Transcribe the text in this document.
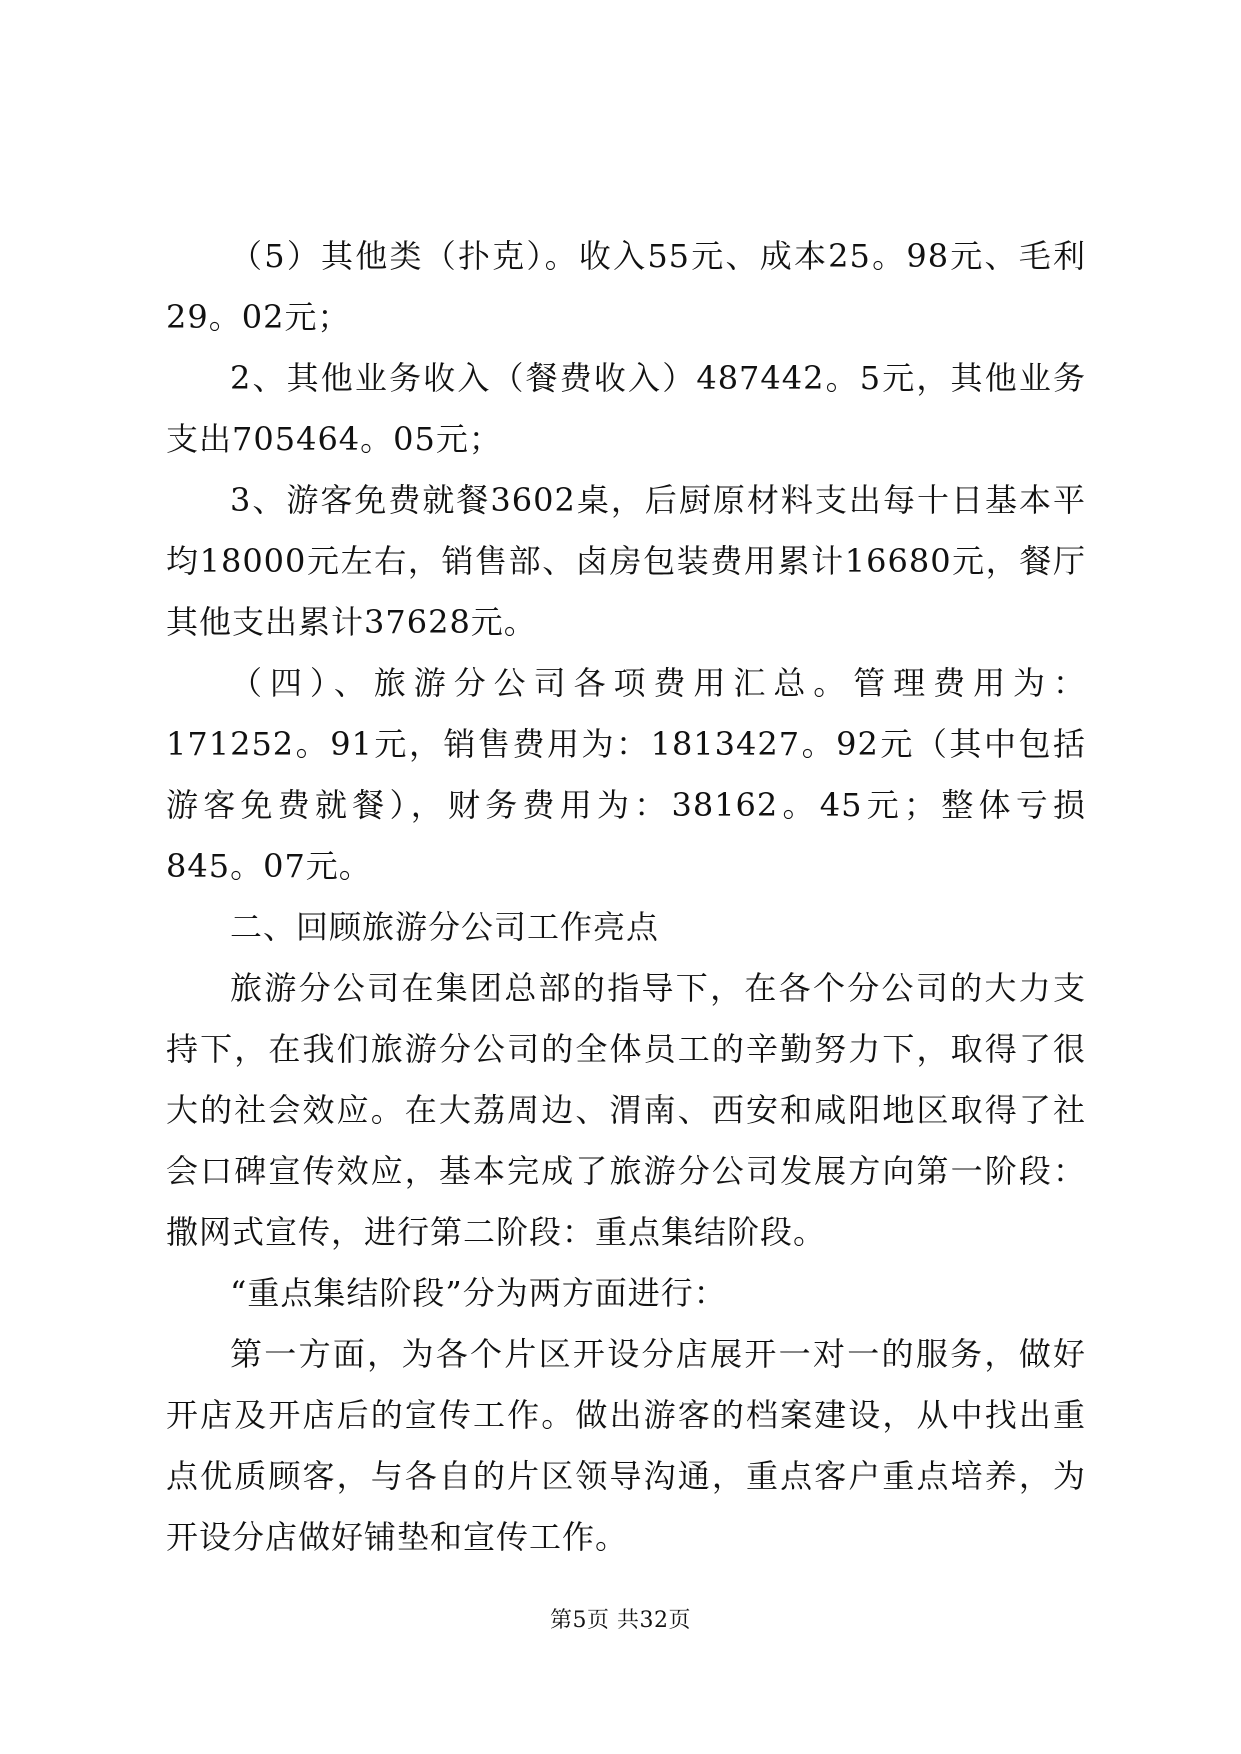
（5）其他类（扑克）。收入55元、成本25。98元、毛利29。02元；

2、其他业务收入（餐费收入）487442。5元，其他业务支出705464。05元；

3、游客免费就餐3602桌，后厨原材料支出每十日基本平均18000元左右，销售部、卤房包装费用累计16680元，餐厅其他支出累计37628元。

（四）、旅游分公司各项费用汇总。管理费用为：171252。91元，销售费用为：1813427。92元（其中包括游客免费就餐），财务费用为：38162。45元；整体亏损845。07元。

二、回顾旅游分公司工作亮点

旅游分公司在集团总部的指导下，在各个分公司的大力支持下，在我们旅游分公司的全体员工的辛勤努力下，取得了很大的社会效应。在大荔周边、渭南、西安和咸阳地区取得了社会口碑宣传效应，基本完成了旅游分公司发展方向第一阶段：撒网式宣传，进行第二阶段：重点集结阶段。

“重点集结阶段”分为两方面进行：

第一方面，为各个片区开设分店展开一对一的服务，做好开店及开店后的宣传工作。做出游客的档案建设，从中找出重点优质顾客，与各自的片区领导沟通，重点客户重点培养，为开设分店做好铺垫和宣传工作。

第5页 共32页
